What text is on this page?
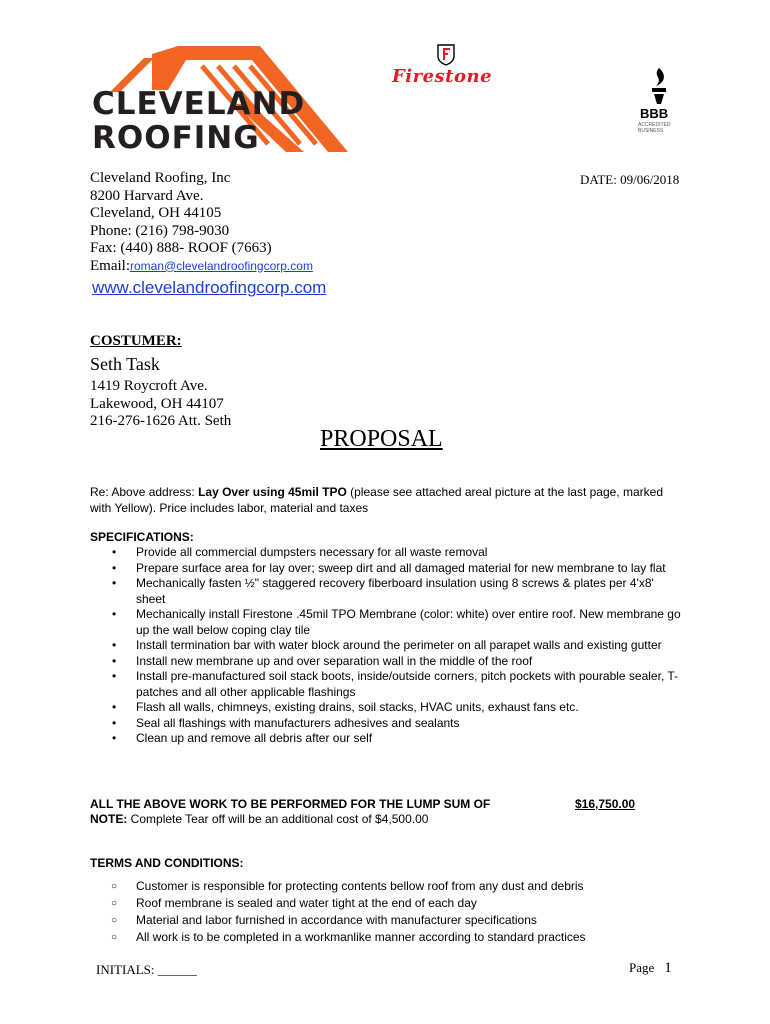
CLEVELAND
ROOFING
Firestone
BBB
ACCREDITED BUSINESS
Cleveland Roofing, Inc
8200 Harvard Ave.
Cleveland, OH 44105
Phone: (216) 798-9030
Fax: (440) 888- ROOF (7663)
Email:roman@clevelandroofingcorp.com
www.clevelandroofingcorp.com
DATE: 09/06/2018
COSTUMER:
Seth Task
1419 Roycroft Ave.
Lakewood, OH 44107
216-276-1626 Att. Seth
PROPOSAL
Re: Above address: Lay Over using 45mil TPO (please see attached areal picture at the last page, marked with Yellow). Price includes labor, material and taxes
SPECIFICATIONS:
• Provide all commercial dumpsters necessary for all waste removal
• Prepare surface area for lay over; sweep dirt and all damaged material for new membrane to lay flat
• Mechanically fasten ½" staggered recovery fiberboard insulation using 8 screws & plates per 4'x8' sheet
• Mechanically install Firestone .45mil TPO Membrane (color: white) over entire roof. New membrane go up the wall below coping clay tile
• Install termination bar with water block around the perimeter on all parapet walls and existing gutter
• Install new membrane up and over separation wall in the middle of the roof
• Install pre-manufactured soil stack boots, inside/outside corners, pitch pockets with pourable sealer, T-patches and all other applicable flashings
• Flash all walls, chimneys, existing drains, soil stacks, HVAC units, exhaust fans etc.
• Seal all flashings with manufacturers adhesives and sealants
• Clean up and remove all debris after our self
ALL THE ABOVE WORK TO BE PERFORMED FOR THE LUMP SUM OF	$16,750.00
NOTE: Complete Tear off will be an additional cost of $4,500.00
TERMS AND CONDITIONS:
○ Customer is responsible for protecting contents bellow roof from any dust and debris
○ Roof membrane is sealed and water tight at the end of each day
○ Material and labor furnished in accordance with manufacturer specifications
○ All work is to be completed in a workmanlike manner according to standard practices
INITIALS: ______	Page 1
